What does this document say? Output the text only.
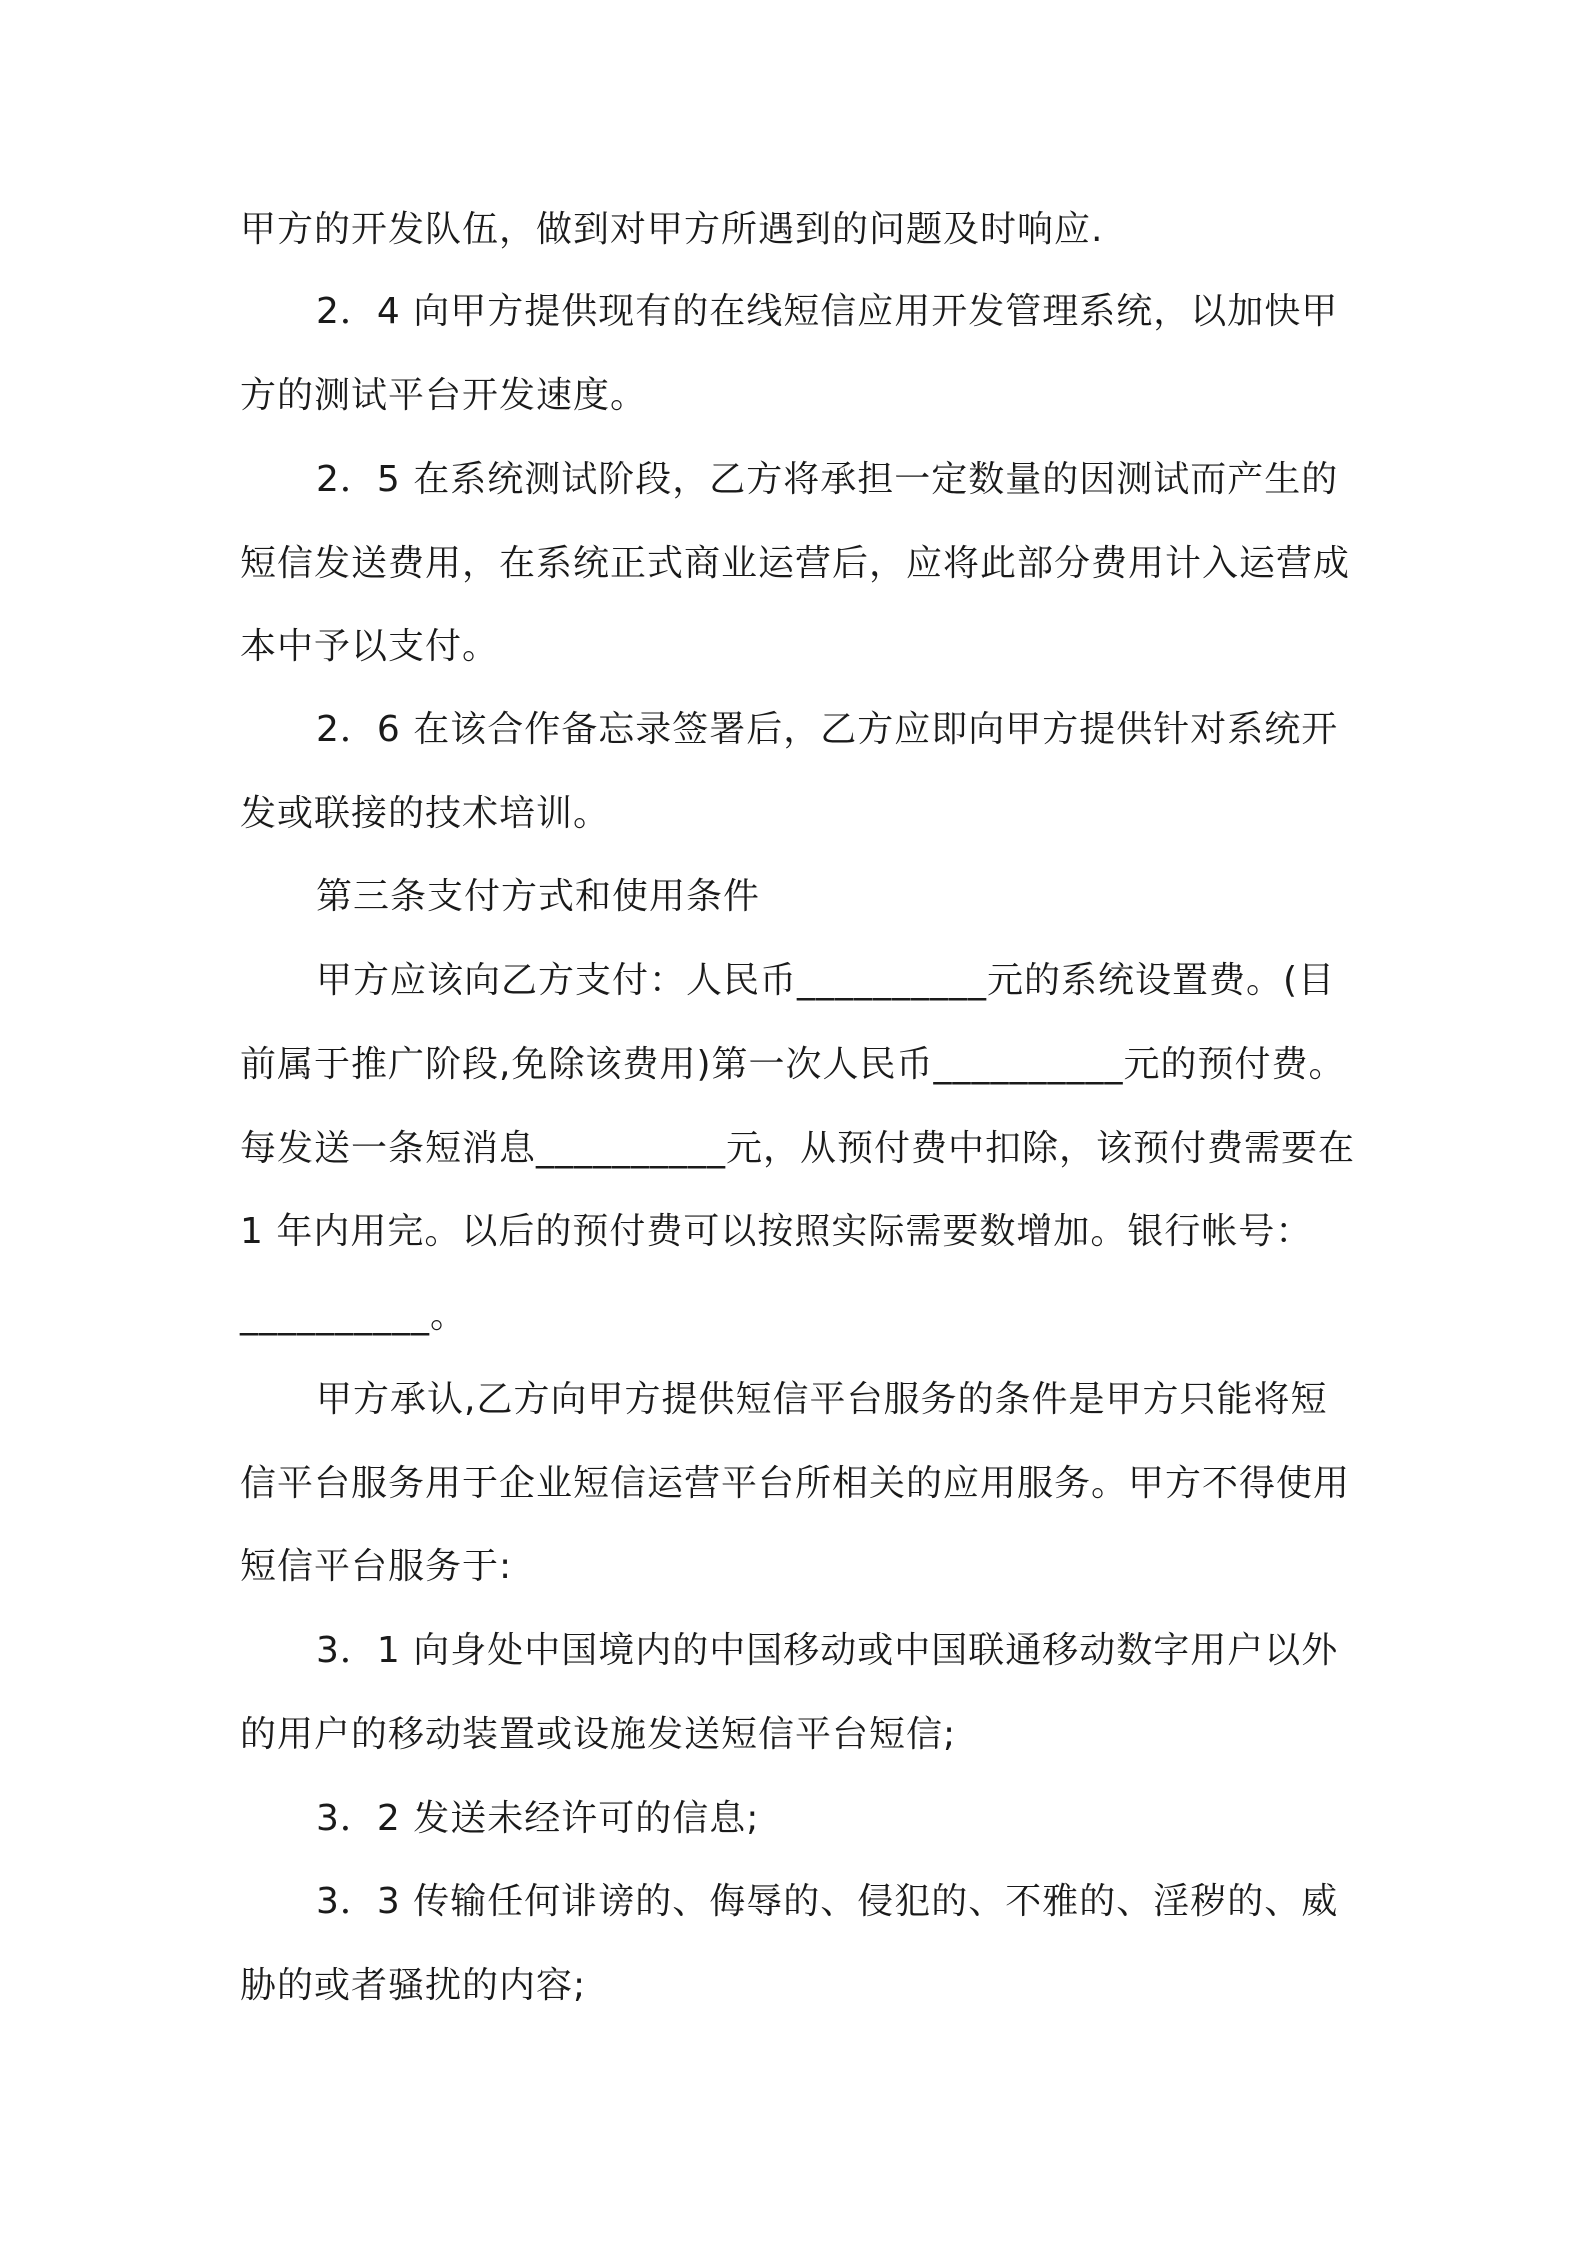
甲方的开发队伍，做到对甲方所遇到的问题及时响应.
2．4 向甲方提供现有的在线短信应用开发管理系统，以加快甲
方的测试平台开发速度。
2．5 在系统测试阶段，乙方将承担一定数量的因测试而产生的
短信发送费用，在系统正式商业运营后，应将此部分费用计入运营成
本中予以支付。
2．6 在该合作备忘录签署后，乙方应即向甲方提供针对系统开
发或联接的技术培训。
第三条支付方式和使用条件
甲方应该向乙方支付：人民币__________元的系统设置费。(目
前属于推广阶段,免除该费用)第一次人民币__________元的预付费。
每发送一条短消息__________元，从预付费中扣除，该预付费需要在
1 年内用完。以后的预付费可以按照实际需要数增加。银行帐号：
__________。
甲方承认,乙方向甲方提供短信平台服务的条件是甲方只能将短
信平台服务用于企业短信运营平台所相关的应用服务。甲方不得使用
短信平台服务于:
3．1 向身处中国境内的中国移动或中国联通移动数字用户以外
的用户的移动装置或设施发送短信平台短信;
3．2 发送未经许可的信息;
3．3 传输任何诽谤的、侮辱的、侵犯的、不雅的、淫秽的、威
胁的或者骚扰的内容;
